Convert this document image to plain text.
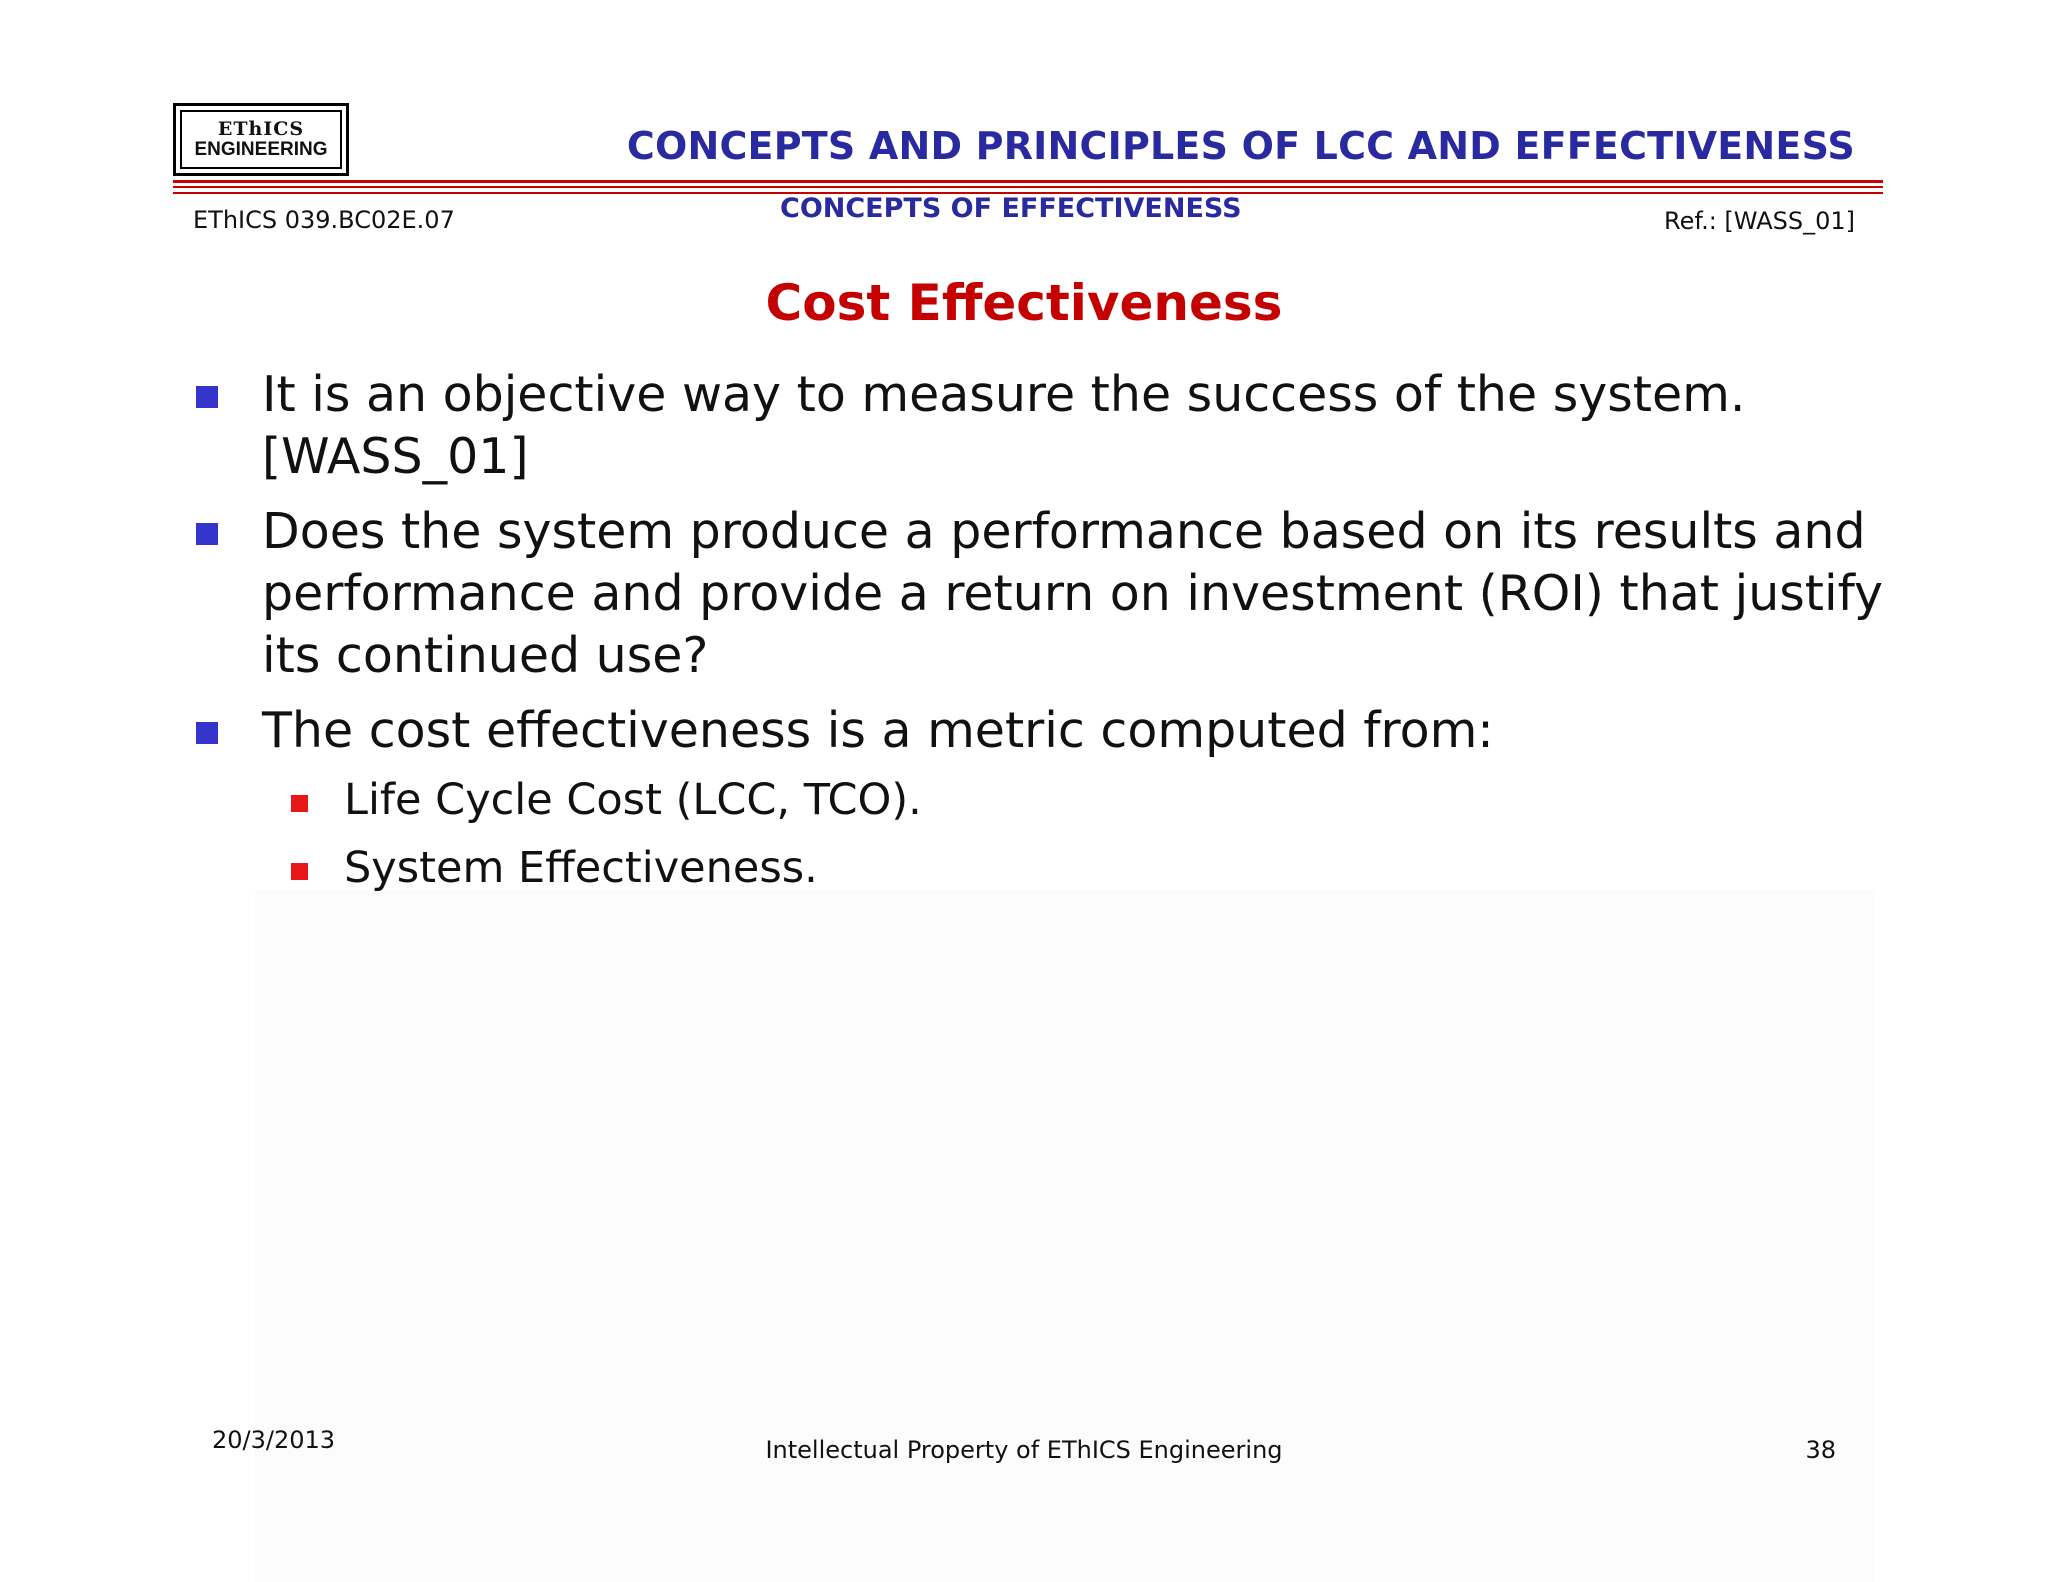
EThICS
ENGINEERING	CONCEPTS AND PRINCIPLES OF LCC AND EFFECTIVENESS
EThICS 039.BC02E.07	CONCEPTS OF EFFECTIVENESS	Ref.: [WASS_01]
Cost Effectiveness
It is an objective way to measure the success of the system. [WASS_01]
Does the system produce a performance based on its results and performance and provide a return on investment (ROI) that justify its continued use?
The cost effectiveness is a metric computed from:
Life Cycle Cost (LCC, TCO).
System Effectiveness.
20/3/2013	Intellectual Property of EThICS Engineering	38
